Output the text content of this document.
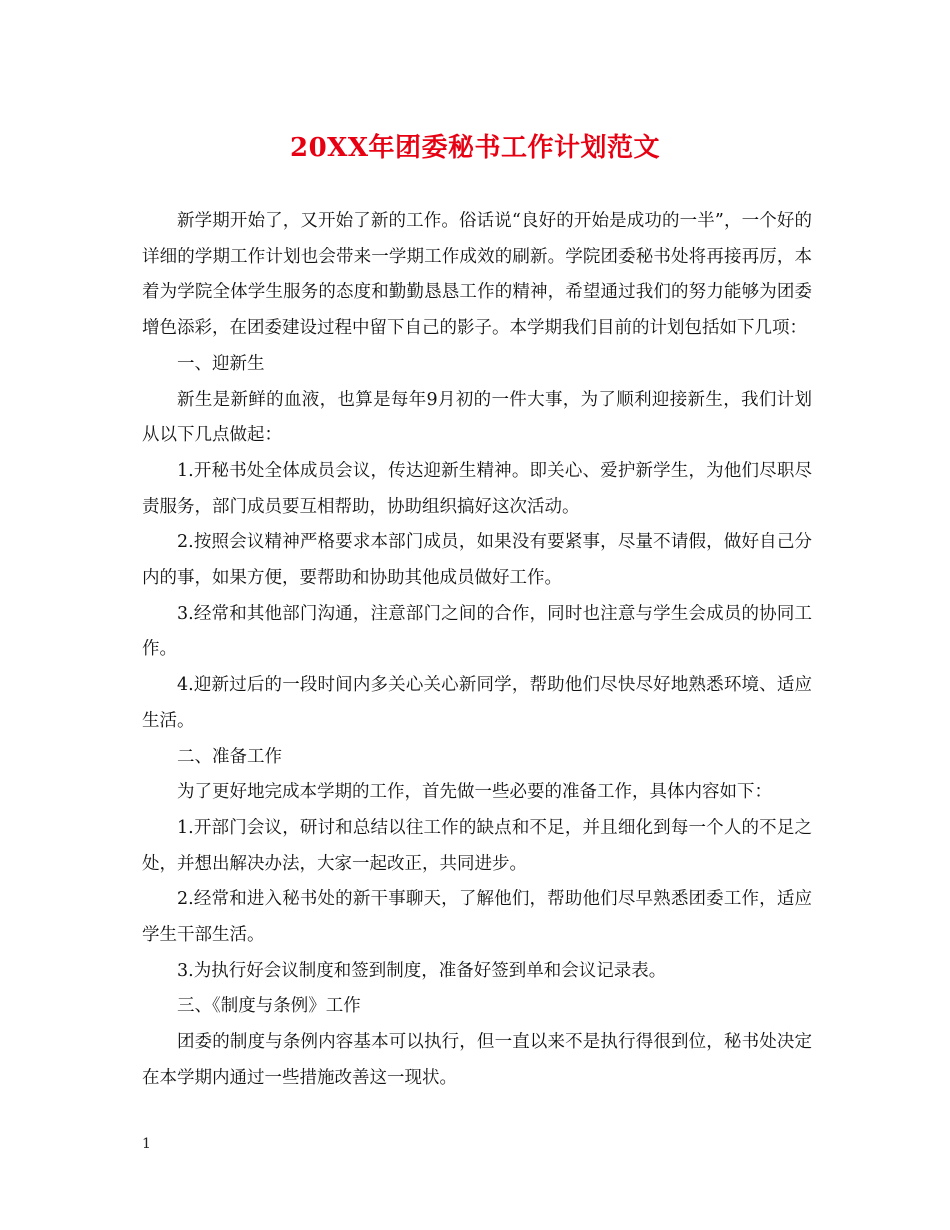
20XX年团委秘书工作计划范文

新学期开始了，又开始了新的工作。俗话说“良好的开始是成功的一半”，一个好的详细的学期工作计划也会带来一学期工作成效的刷新。学院团委秘书处将再接再厉，本着为学院全体学生服务的态度和勤勤恳恳工作的精神，希望通过我们的努力能够为团委增色添彩，在团委建设过程中留下自己的影子。本学期我们目前的计划包括如下几项：

一、迎新生

新生是新鲜的血液，也算是每年9月初的一件大事，为了顺利迎接新生，我们计划从以下几点做起：

1.开秘书处全体成员会议，传达迎新生精神。即关心、爱护新学生，为他们尽职尽责服务，部门成员要互相帮助，协助组织搞好这次活动。

2.按照会议精神严格要求本部门成员，如果没有要紧事，尽量不请假，做好自己分内的事，如果方便，要帮助和协助其他成员做好工作。

3.经常和其他部门沟通，注意部门之间的合作，同时也注意与学生会成员的协同工作。

4.迎新过后的一段时间内多关心关心新同学，帮助他们尽快尽好地熟悉环境、适应生活。

二、准备工作

为了更好地完成本学期的工作，首先做一些必要的准备工作，具体内容如下：

1.开部门会议，研讨和总结以往工作的缺点和不足，并且细化到每一个人的不足之处，并想出解决办法，大家一起改正，共同进步。

2.经常和进入秘书处的新干事聊天，了解他们，帮助他们尽早熟悉团委工作，适应学生干部生活。

3.为执行好会议制度和签到制度，准备好签到单和会议记录表。

三、《制度与条例》工作

团委的制度与条例内容基本可以执行，但一直以来不是执行得很到位，秘书处决定在本学期内通过一些措施改善这一现状。

1
